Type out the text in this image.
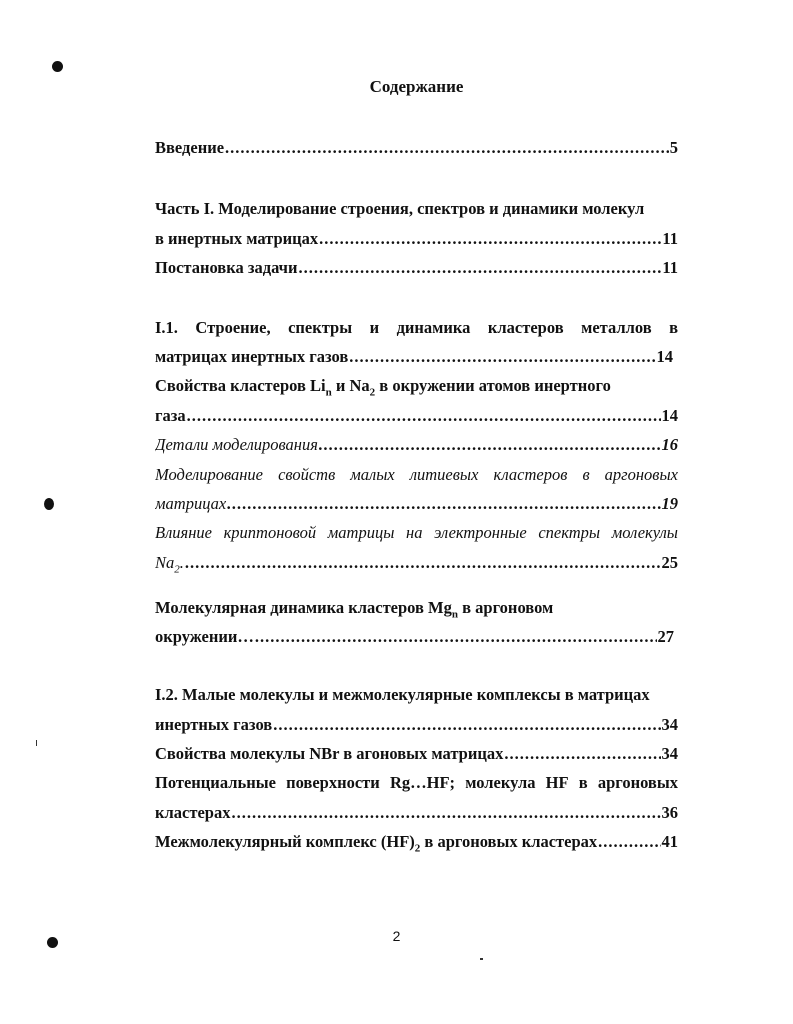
Содержание
Введение .....	5
Часть I. Моделирование строения, спектров и динамики молекул
в инертных матрицах .....	11
Постановка задачи .....	11
I.1. Строение, спектры и динамика кластеров металлов в
матрицах инертных газов .....	14
Свойства кластеров $Li_n$ и $Na_2$ в окружении атомов инертного
газа .....	14
Детали моделирования .....	16
Моделирование свойств малых литиевых кластеров в аргоновых
матрицах .....	19
Влияние криптоновой матрицы на электронные спектры молекулы
$Na_2$. .....	25
Молекулярная динамика кластеров $Mg_n$ в аргоновом
окружении… .....	27
I.2. Малые молекулы и межмолекулярные комплексы в матрицах
инертных газов .....	34
Свойства молекулы NBr в агоновых матрицах .....	34
Потенциальные поверхности Rg…HF; молекула HF в аргоновых
кластерах .....	36
Межмолекулярный комплекс $(HF)_2$ в аргоновых кластерах .....	41
2
